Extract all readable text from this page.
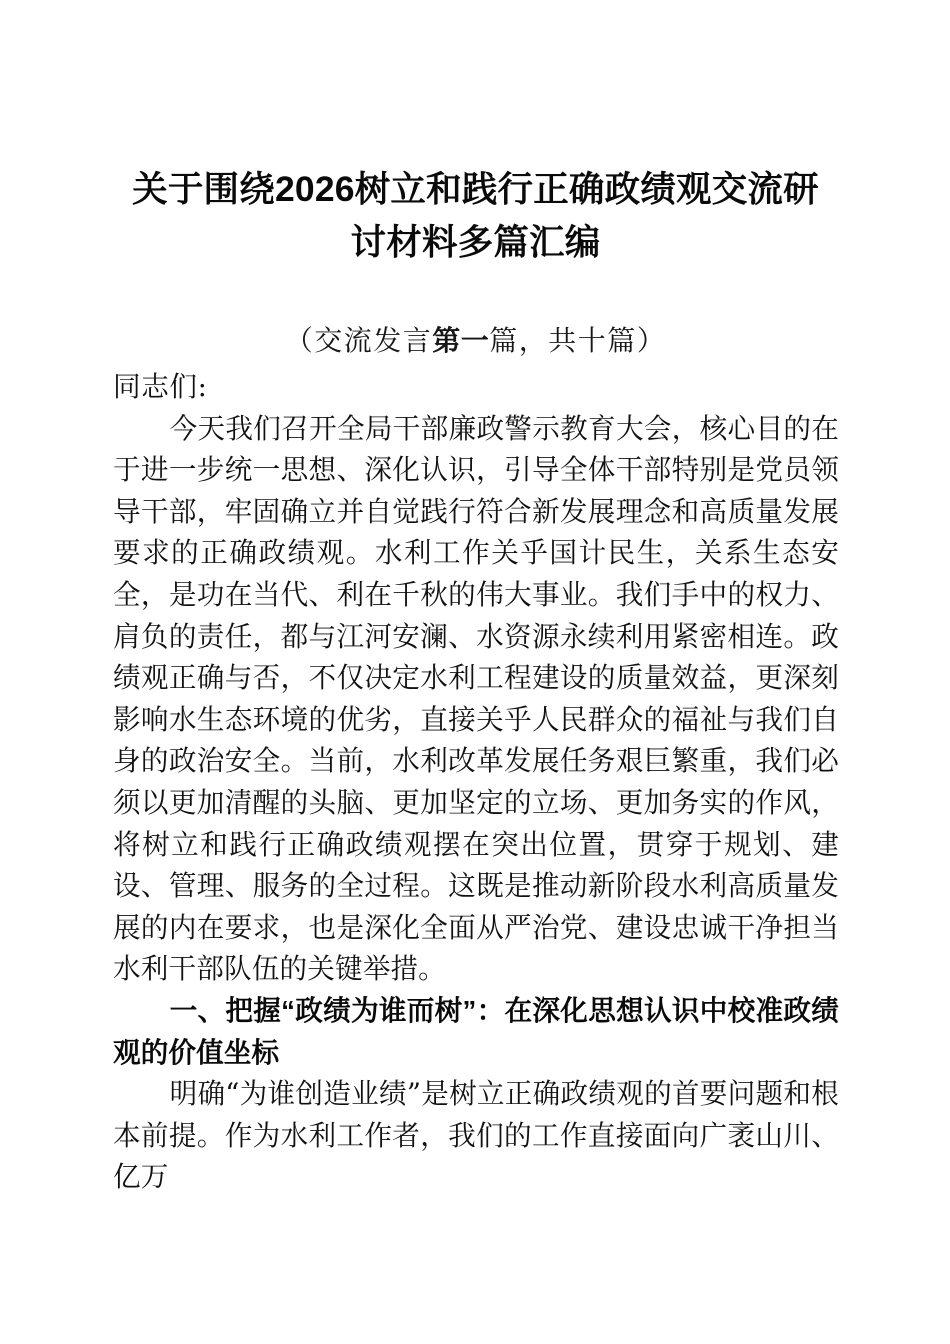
关于围绕2026树立和践行正确政绩观交流研
讨材料多篇汇编
（交流发言第一篇，共十篇）

同志们:

今天我们召开全局干部廉政警示教育大会，核心目的在于进一步统一思想、深化认识，引导全体干部特别是党员领导干部，牢固确立并自觉践行符合新发展理念和高质量发展要求的正确政绩观。水利工作关乎国计民生，关系生态安全，是功在当代、利在千秋的伟大事业。我们手中的权力、肩负的责任，都与江河安澜、水资源永续利用紧密相连。政绩观正确与否，不仅决定水利工程建设的质量效益，更深刻影响水生态环境的优劣，直接关乎人民群众的福祉与我们自身的政治安全。当前，水利改革发展任务艰巨繁重，我们必须以更加清醒的头脑、更加坚定的立场、更加务实的作风，将树立和践行正确政绩观摆在突出位置，贯穿于规划、建设、管理、服务的全过程。这既是推动新阶段水利高质量发展的内在要求，也是深化全面从严治党、建设忠诚干净担当水利干部队伍的关键举措。

一、把握“政绩为谁而树”：在深化思想认识中校准政绩观的价值坐标

明确“为谁创造业绩”是树立正确政绩观的首要问题和根本前提。作为水利工作者，我们的工作直接面向广袤山川、亿万
